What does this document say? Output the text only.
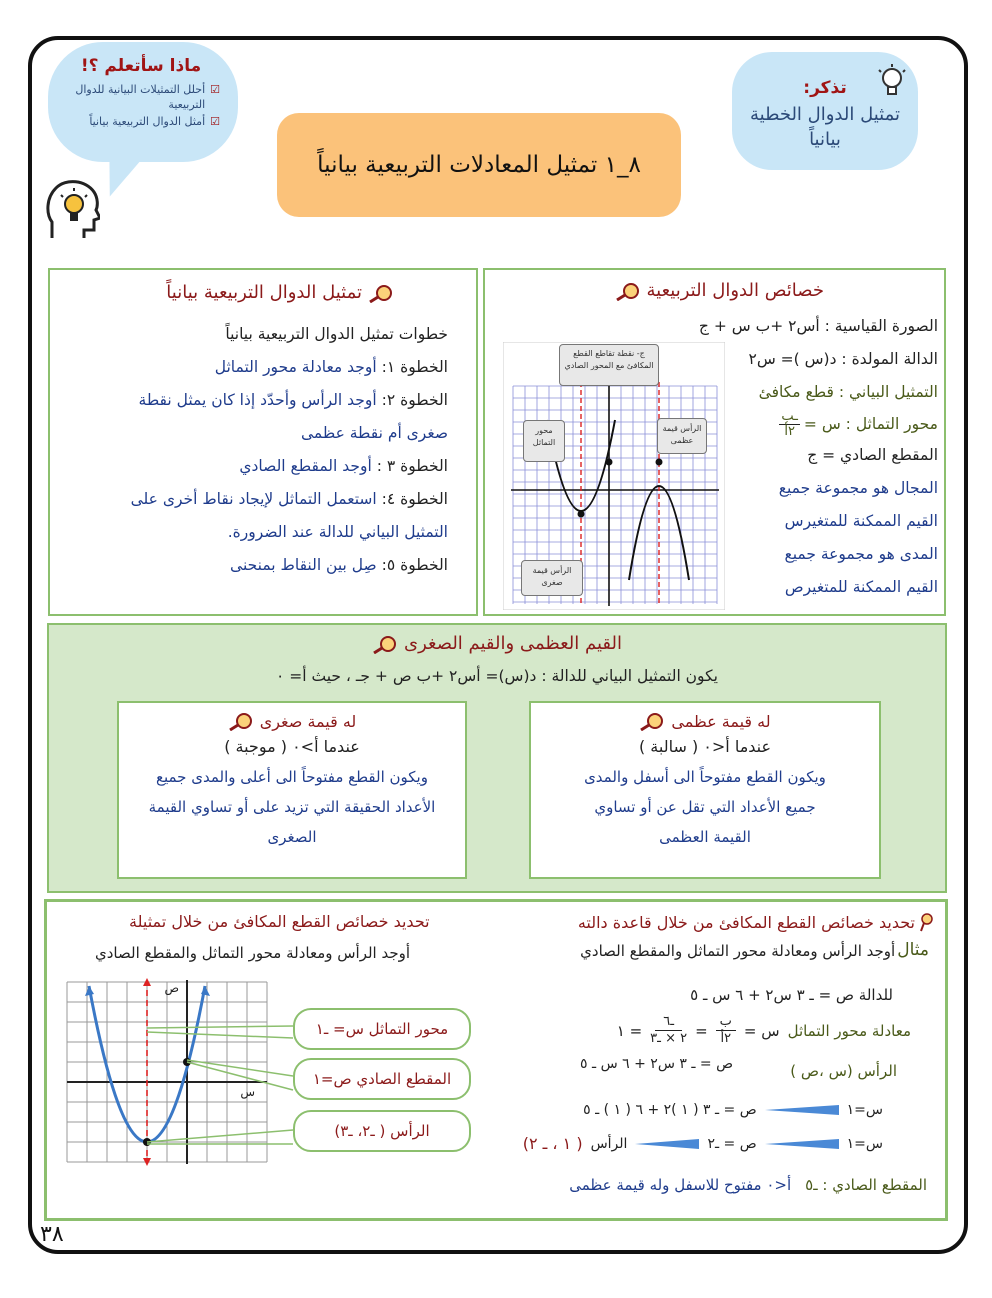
ماذا سأتعلم ؟!
☑
أحلل التمثيلات البيانية للدوال التربيعية
☑
أمثل الدوال التربيعية بيانياً
٨_١ تمثيل المعادلات التربيعية بيانياً
تذكر:
تمثيل الدوال الخطية بيانياً
خصائص الدوال التربيعية
الصورة القياسية : أس٢ +ب س + ج
الدالة المولدة : د(س )= س٢
التمثيل البياني : قطع مكافئ
محور التماثل : س =
ـب
٢أ
المقطع الصادي = ج
المجال هو مجموعة جميع
القيم الممكنة للمتغيرس
المدى هو مجموعة جميع
القيم الممكنة للمتغيرص
ج- نقطة تقاطع القطع المكافئ مع المحور الصادي
محور التماثل
الرأس قيمة عظمى
الرأس قيمة صغرى
تمثيل الدوال التربيعية بيانياً
خطوات تمثيل الدوال التربيعية بيانياً
الخطوة ١: أوجد معادلة محور التماثل
الخطوة ٢: أوجد الرأس وأحدّد إذا كان يمثل نقطة
صغرى أم نقطة عظمى
الخطوة ٣ : أوجد المقطع الصادي
الخطوة ٤: استعمل التماثل لإيجاد نقاط أخرى على
التمثيل البياني للدالة عند الضرورة.
الخطوة ٥: صِل بين النقاط بمنحنى
القيم العظمى والقيم الصغرى
يكون التمثيل البياني للدالة : د(س)= أس٢ +ب ص + جـ ، حيث أ= ٠
له قيمة عظمى
عندما أ<٠ ( سالبة )
ويكون القطع مفتوحاً الى أسفل والمدى
جميع الأعداد التي تقل عن أو تساوي
القيمة العظمى
له قيمة صغرى
عندما أ>٠ ( موجبة )
ويكون القطع مفتوحاً الى أعلى والمدى جميع
الأعداد الحقيقة التي تزيد على أو تساوي القيمة
الصغرى
تحديد خصائص القطع المكافئ من خلال قاعدة دالته
مثال
أوجد الرأس ومعادلة محور التماثل والمقطع الصادي
للدالة ص = ـ ٣ س٢ + ٦ س ـ ٥
معادلة محور التماثل
س =
ب
٢أ
=
ـ٦
٢ × ـ٣
= ١
الرأس (س ،ص )
ص = ـ ٣ س٢ + ٦ س ـ ٥
س=١
ص = ـ ٣ ( ١ )٢ + ٦ ( ١ ) ـ ٥
س=١
ص = ـ٢
الرأس
( ١ ، ـ ٢)
المقطع الصادي : ـ٥
أ<٠ مفتوح للاسفل وله قيمة عظمى
تحديد خصائص القطع المكافئ من خلال تمثيلة
أوجد الرأس ومعادلة محور التماثل والمقطع الصادي
ص
س
محور التماثل س= ـ١
المقطع الصادي ص=١
الرأس ( ـ٢، ـ٣)
٣٨
